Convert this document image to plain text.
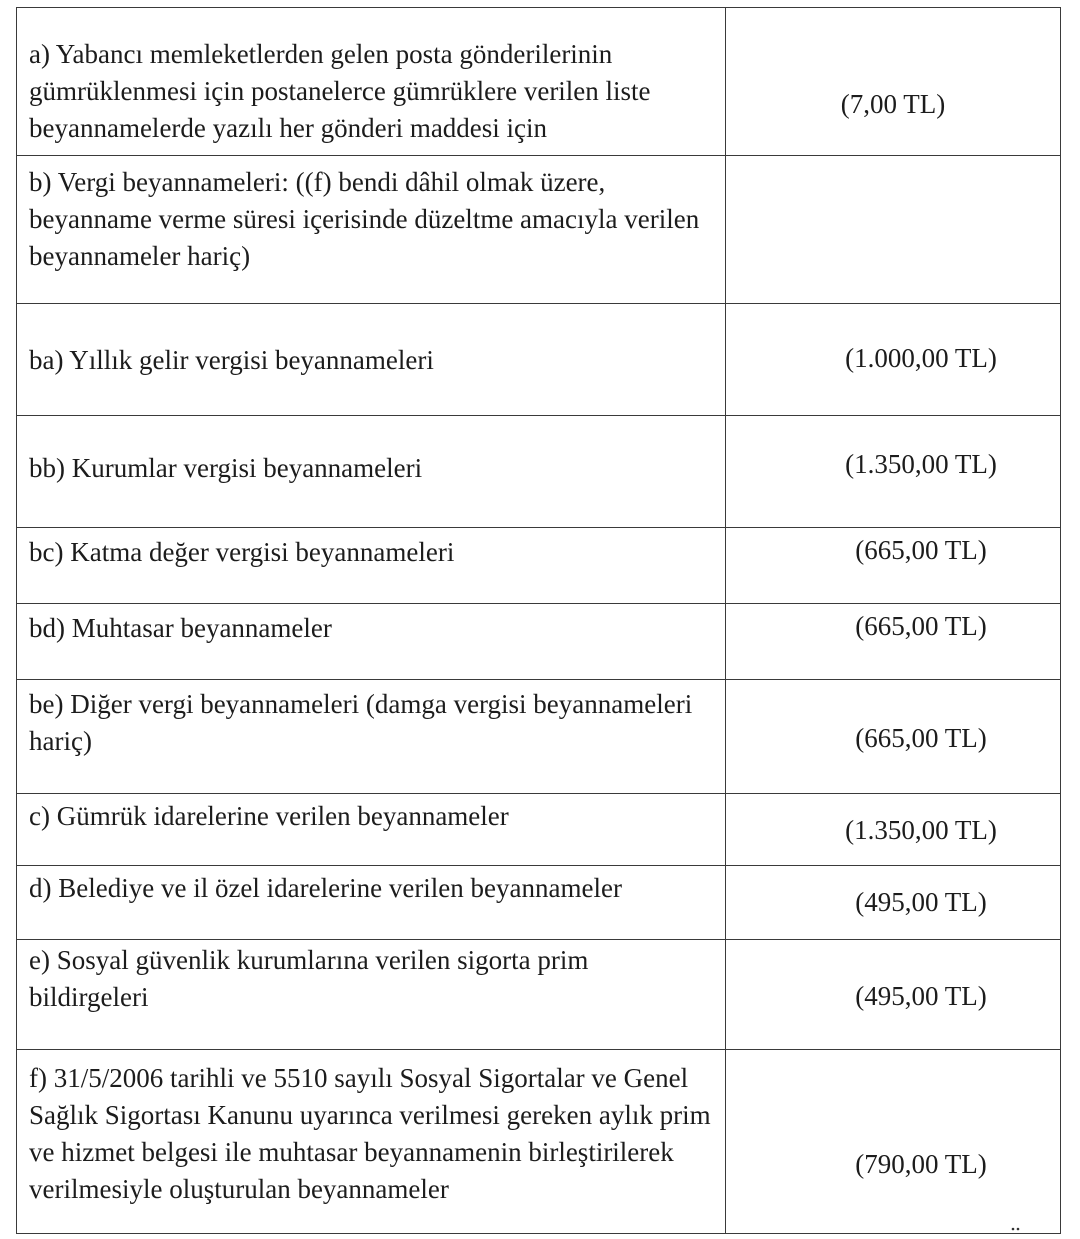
a) Yabancı memleketlerden gelen posta gönderilerinin
gümrüklenmesi için postanelerce gümrüklere verilen liste
beyannamelerde yazılı her gönderi maddesi için	(7,00 TL)

b) Vergi beyannameleri: ((f) bendi dâhil olmak üzere,
beyanname verme süresi içerisinde düzeltme amacıyla verilen
beyannameler hariç)	

ba) Yıllık gelir vergisi beyannameleri	(1.000,00 TL)

bb) Kurumlar vergisi beyannameleri	(1.350,00 TL)

bc) Katma değer vergisi beyannameleri	(665,00 TL)

bd) Muhtasar beyannameler	(665,00 TL)

be) Diğer vergi beyannameleri (damga vergisi beyannameleri
hariç)	(665,00 TL)

c) Gümrük idarelerine verilen beyannameler	(1.350,00 TL)

d) Belediye ve il özel idarelerine verilen beyannameler	(495,00 TL)

e) Sosyal güvenlik kurumlarına verilen sigorta prim
bildirgeleri	(495,00 TL)

f) 31/5/2006 tarihli ve 5510 sayılı Sosyal Sigortalar ve Genel
Sağlık Sigortası Kanunu uyarınca verilmesi gereken aylık prim
ve hizmet belgesi ile muhtasar beyannamenin birleştirilerek
verilmesiyle oluşturulan beyannameler	(790,00 TL)
